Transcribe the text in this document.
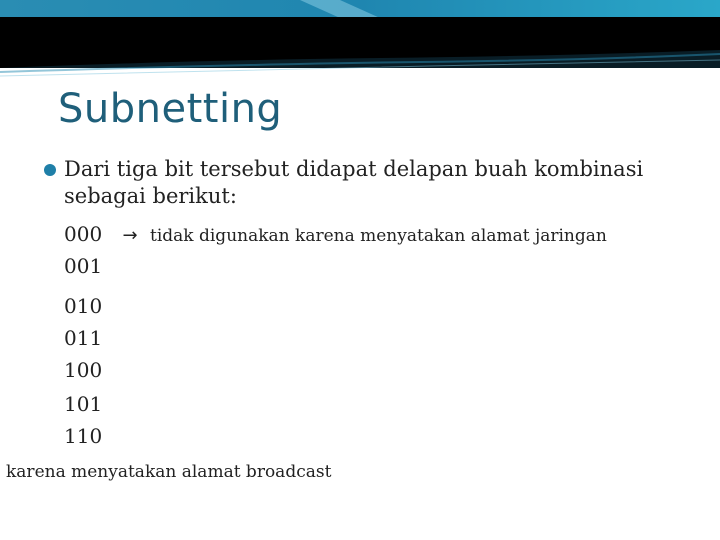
Subnetting
Dari tiga bit tersebut didapat delapan buah kombinasi sebagai berikut:
000 → tidak digunakan karena menyatakan alamat jaringan
001
010
011
100
101
110
karena menyatakan alamat broadcast
